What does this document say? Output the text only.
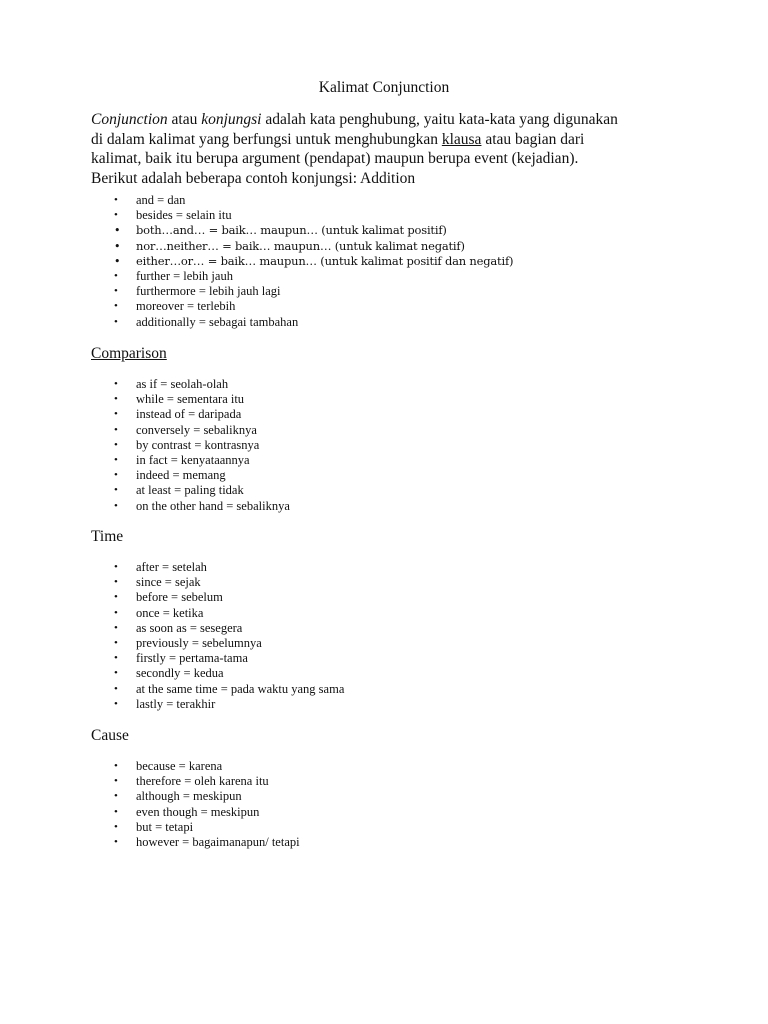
Kalimat Conjunction

Conjunction atau konjungsi adalah kata penghubung, yaitu kata-kata yang digunakan
di dalam kalimat yang berfungsi untuk menghubungkan klausa atau bagian dari
kalimat, baik itu berupa argument (pendapat) maupun berupa event (kejadian).
Berikut adalah beberapa contoh konjungsi: Addition

• and = dan
• besides = selain itu
• both…and… = baik… maupun… (untuk kalimat positif)
• nor…neither… = baik… maupun… (untuk kalimat negatif)
• either…or… = baik… maupun… (untuk kalimat positif dan negatif)
• further = lebih jauh
• furthermore = lebih jauh lagi
• moreover = terlebih
• additionally = sebagai tambahan
Comparison
• as if = seolah-olah
• while = sementara itu
• instead of = daripada
• conversely = sebaliknya
• by contrast = kontrasnya
• in fact = kenyataannya
• indeed = memang
• at least = paling tidak
• on the other hand = sebaliknya
Time
• after = setelah
• since = sejak
• before = sebelum
• once = ketika
• as soon as = sesegera
• previously = sebelumnya
• firstly = pertama-tama
• secondly = kedua
• at the same time = pada waktu yang sama
• lastly = terakhir
Cause
• because = karena
• therefore = oleh karena itu
• although = meskipun
• even though = meskipun
• but = tetapi
• however = bagaimanapun/ tetapi
